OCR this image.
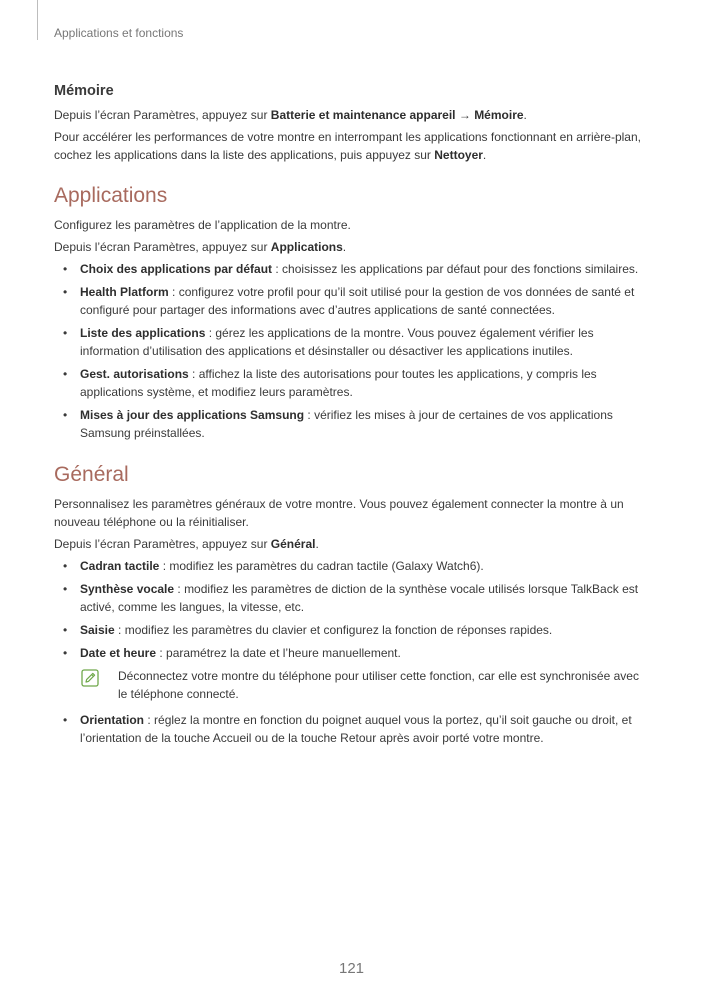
Applications et fonctions
Mémoire

Depuis l’écran Paramètres, appuyez sur Batterie et maintenance appareil → Mémoire.

Pour accélérer les performances de votre montre en interrompant les applications fonctionnant en arrière-plan, cochez les applications dans la liste des applications, puis appuyez sur Nettoyer.

Applications

Configurez les paramètres de l’application de la montre.

Depuis l’écran Paramètres, appuyez sur Applications.

• Choix des applications par défaut : choisissez les applications par défaut pour des fonctions similaires.
• Health Platform : configurez votre profil pour qu’il soit utilisé pour la gestion de vos données de santé et configuré pour partager des informations avec d’autres applications de santé connectées.
• Liste des applications : gérez les applications de la montre. Vous pouvez également vérifier les information d’utilisation des applications et désinstaller ou désactiver les applications inutiles.
• Gest. autorisations : affichez la liste des autorisations pour toutes les applications, y compris les applications système, et modifiez leurs paramètres.
• Mises à jour des applications Samsung : vérifiez les mises à jour de certaines de vos applications Samsung préinstallées.
Général

Personnalisez les paramètres généraux de votre montre. Vous pouvez également connecter la montre à un nouveau téléphone ou la réinitialiser.

Depuis l’écran Paramètres, appuyez sur Général.

• Cadran tactile : modifiez les paramètres du cadran tactile (Galaxy Watch6).
• Synthèse vocale : modifiez les paramètres de diction de la synthèse vocale utilisés lorsque TalkBack est activé, comme les langues, la vitesse, etc.
• Saisie : modifiez les paramètres du clavier et configurez la fonction de réponses rapides.
• Date et heure : paramétrez la date et l’heure manuellement.
Déconnectez votre montre du téléphone pour utiliser cette fonction, car elle est synchronisée avec le téléphone connecté.
• Orientation : réglez la montre en fonction du poignet auquel vous la portez, qu’il soit gauche ou droit, et l’orientation de la touche Accueil ou de la touche Retour après avoir porté votre montre.
121
